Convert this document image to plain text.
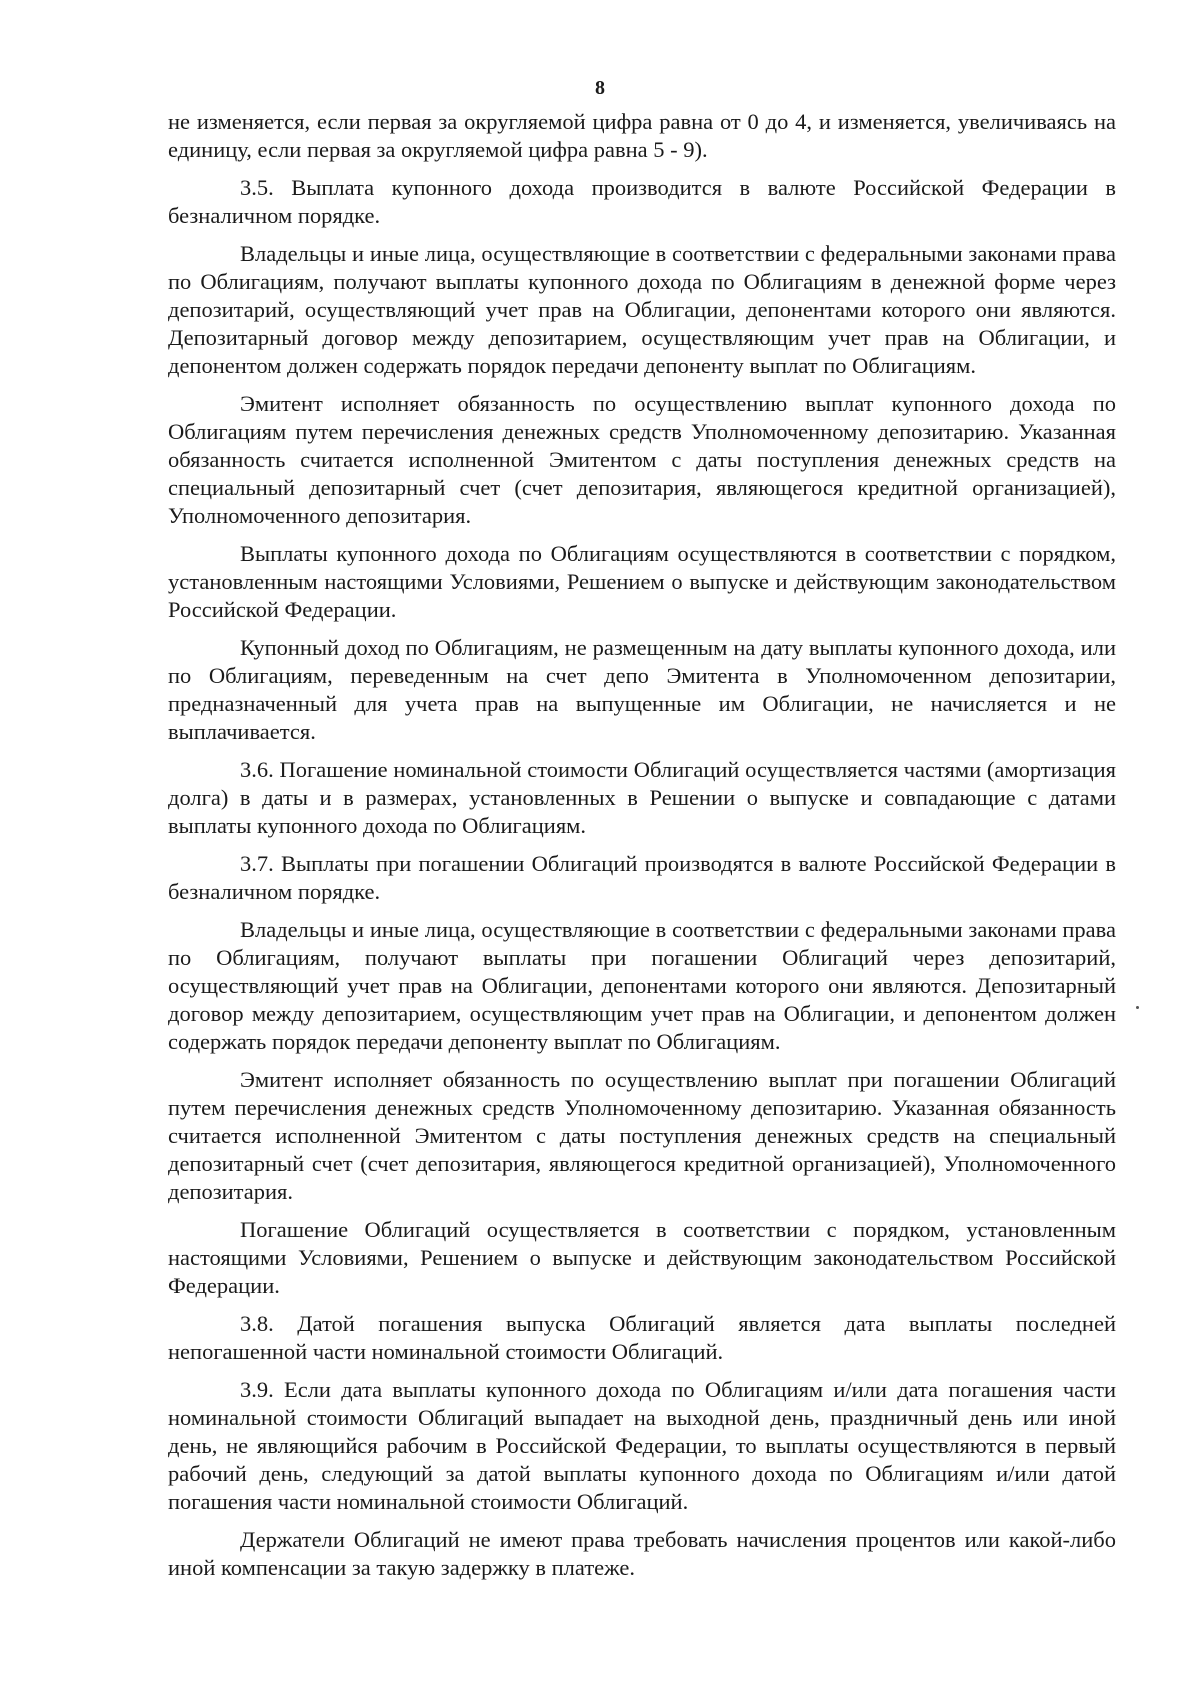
8

не изменяется, если первая за округляемой цифра равна от 0 до 4, и изменяется, увеличиваясь на единицу, если первая за округляемой цифра равна 5 - 9).

3.5. Выплата купонного дохода производится в валюте Российской Федерации в безналичном порядке.

Владельцы и иные лица, осуществляющие в соответствии с федеральными законами права по Облигациям, получают выплаты купонного дохода по Облигациям в денежной форме через депозитарий, осуществляющий учет прав на Облигации, депонентами которого они являются. Депозитарный договор между депозитарием, осуществляющим учет прав на Облигации, и депонентом должен содержать порядок передачи депоненту выплат по Облигациям.

Эмитент исполняет обязанность по осуществлению выплат купонного дохода по Облигациям путем перечисления денежных средств Уполномоченному депозитарию. Указанная обязанность считается исполненной Эмитентом с даты поступления денежных средств на специальный депозитарный счет (счет депозитария, являющегося кредитной организацией), Уполномоченного депозитария.

Выплаты купонного дохода по Облигациям осуществляются в соответствии с порядком, установленным настоящими Условиями, Решением о выпуске и действующим законодательством Российской Федерации.

Купонный доход по Облигациям, не размещенным на дату выплаты купонного дохода, или по Облигациям, переведенным на счет депо Эмитента в Уполномоченном депозитарии, предназначенный для учета прав на выпущенные им Облигации, не начисляется и не выплачивается.

3.6. Погашение номинальной стоимости Облигаций осуществляется частями (амортизация долга) в даты и в размерах, установленных в Решении о выпуске и совпадающие с датами выплаты купонного дохода по Облигациям.

3.7. Выплаты при погашении Облигаций производятся в валюте Российской Федерации в безналичном порядке.

Владельцы и иные лица, осуществляющие в соответствии с федеральными законами права по Облигациям, получают выплаты при погашении Облигаций через депозитарий, осуществляющий учет прав на Облигации, депонентами которого они являются. Депозитарный договор между депозитарием, осуществляющим учет прав на Облигации, и депонентом должен содержать порядок передачи депоненту выплат по Облигациям.

Эмитент исполняет обязанность по осуществлению выплат при погашении Облигаций путем перечисления денежных средств Уполномоченному депозитарию. Указанная обязанность считается исполненной Эмитентом с даты поступления денежных средств на специальный депозитарный счет (счет депозитария, являющегося кредитной организацией), Уполномоченного депозитария.

Погашение Облигаций осуществляется в соответствии с порядком, установленным настоящими Условиями, Решением о выпуске и действующим законодательством Российской Федерации.

3.8. Датой погашения выпуска Облигаций является дата выплаты последней непогашенной части номинальной стоимости Облигаций.

3.9. Если дата выплаты купонного дохода по Облигациям и/или дата погашения части номинальной стоимости Облигаций выпадает на выходной день, праздничный день или иной день, не являющийся рабочим в Российской Федерации, то выплаты осуществляются в первый рабочий день, следующий за датой выплаты купонного дохода по Облигациям и/или датой погашения части номинальной стоимости Облигаций.

Держатели Облигаций не имеют права требовать начисления процентов или какой-либо иной компенсации за такую задержку в платеже.
